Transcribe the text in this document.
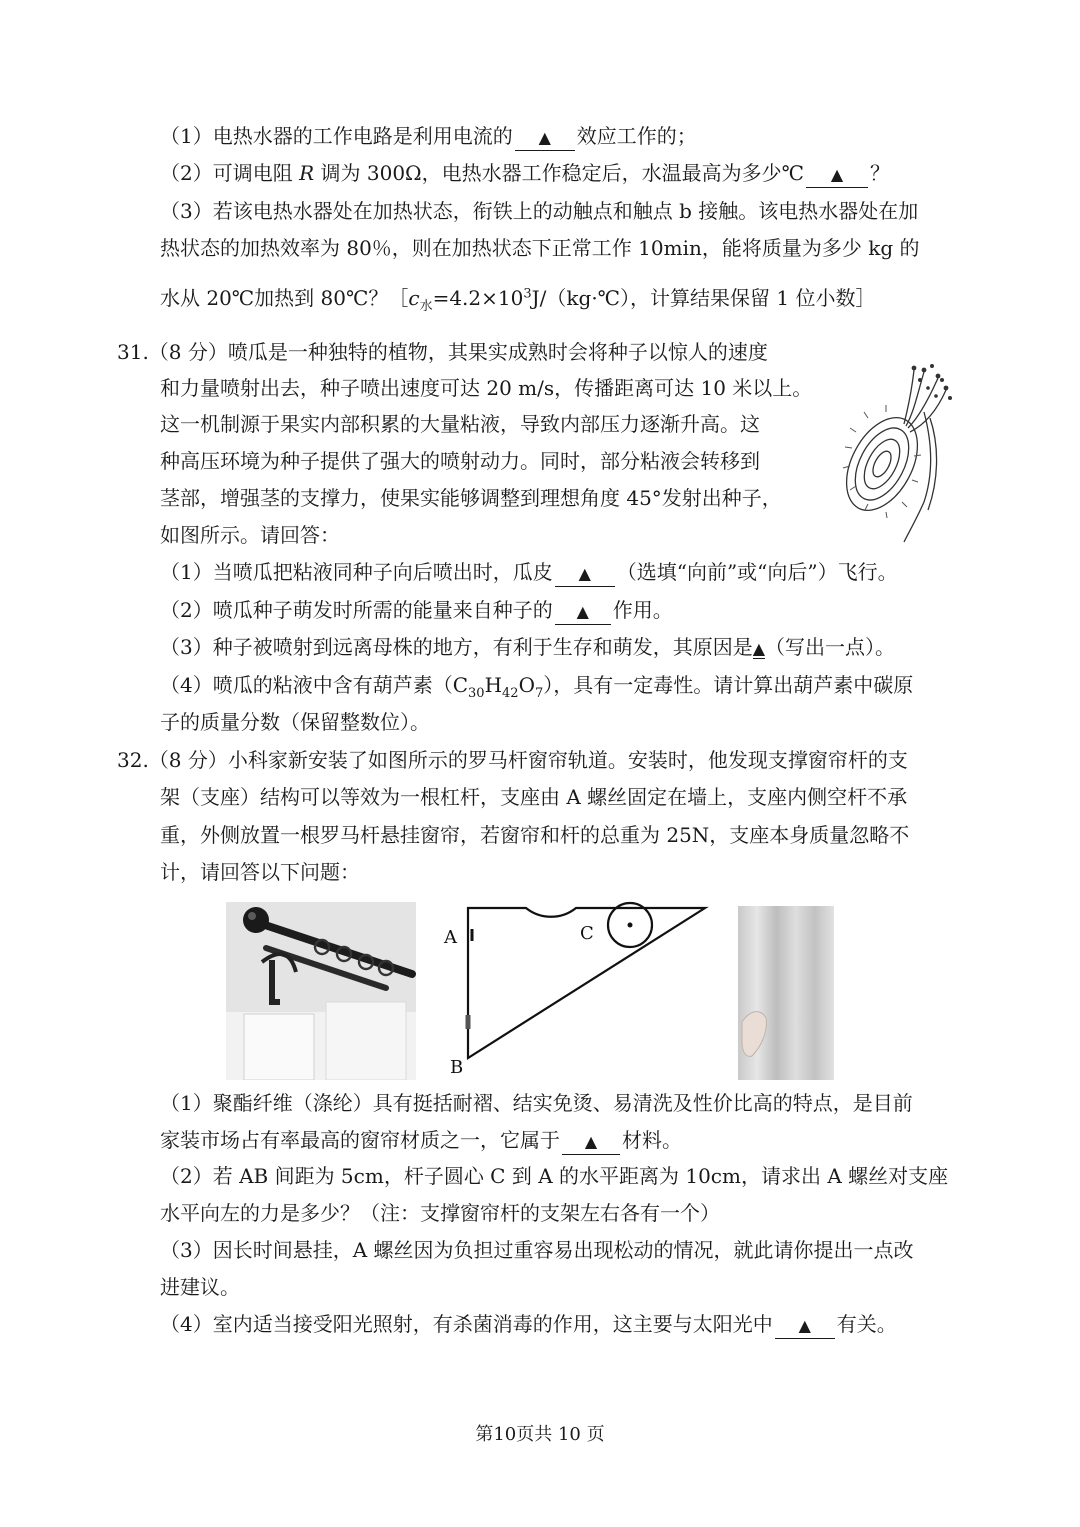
（1）电热水器的工作电路是利用电流的 ▲ 效应工作的；
（2）可调电阻 R 调为 300Ω，电热水器工作稳定后，水温最高为多少℃ ▲ ？
（3）若该电热水器处在加热状态，衔铁上的动触点和触点 b 接触。该电热水器处在加
热状态的加热效率为 80％，则在加热状态下正常工作 10min，能将质量为多少 kg 的
水从 20℃加热到 80℃？$[c_水=4.2\times 10^3J/(kg\cdot℃)$，计算结果保留 1 位小数］
31.（8 分）喷瓜是一种独特的植物，其果实成熟时会将种子以惊人的速度
和力量喷射出去，种子喷出速度可达 20 m/s，传播距离可达 10 米以上。
这一机制源于果实内部积累的大量粘液，导致内部压力逐渐升高。这
种高压环境为种子提供了强大的喷射动力。同时，部分粘液会转移到
茎部，增强茎的支撑力，使果实能够调整到理想角度 45°发射出种子，
如图所示。请回答：
（1）当喷瓜把粘液同种子向后喷出时，瓜皮 ▲ （选填“向前”或“向后”）飞行。
（2）喷瓜种子萌发时所需的能量来自种子的 ▲ 作用。
（3）种子被喷射到远离母株的地方，有利于生存和萌发，其原因是▲（写出一点）。
（4）喷瓜的粘液中含有葫芦素$(C_{30}H_{42}O_7)$，具有一定毒性。请计算出葫芦素中碳原
子的质量分数（保留整数位）。
32.（8 分）小科家新安装了如图所示的罗马杆窗帘轨道。安装时，他发现支撑窗帘杆的支
架（支座）结构可以等效为一根杠杆，支座由 A 螺丝固定在墙上，支座内侧空杆不承
重，外侧放置一根罗马杆悬挂窗帘，若窗帘和杆的总重为 25N，支座本身质量忽略不
计，请回答以下问题：
A
B
C
（1）聚酯纤维（涤纶）具有挺括耐褶、结实免烫、易清洗及性价比高的特点，是目前
家装市场占有率最高的窗帘材质之一，它属于 ▲ 材料。
（2）若 AB 间距为 5cm，杆子圆心 C 到 A 的水平距离为 10cm，请求出 A 螺丝对支座
水平向左的力是多少？（注：支撑窗帘杆的支架左右各有一个）
（3）因长时间悬挂，A 螺丝因为负担过重容易出现松动的情况，就此请你提出一点改
进建议。
（4）室内适当接受阳光照射，有杀菌消毒的作用，这主要与太阳光中 ▲ 有关。
第10页共 10 页
